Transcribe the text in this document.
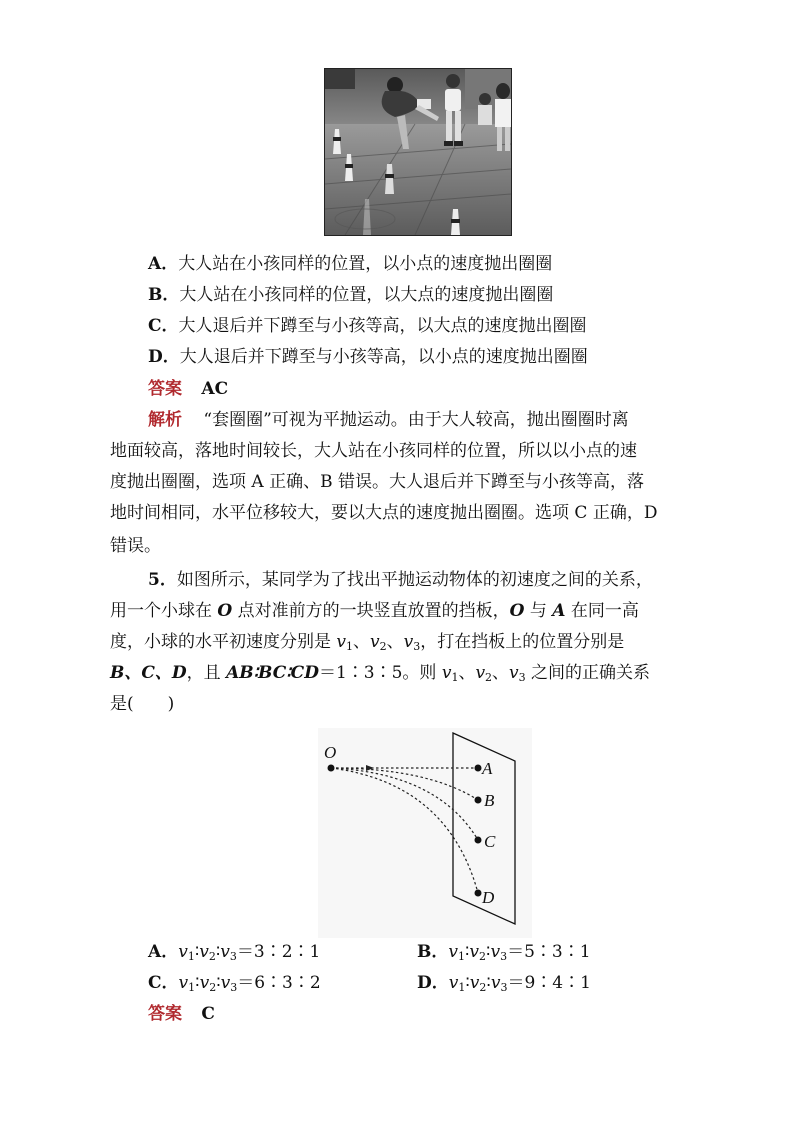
A．大人站在小孩同样的位置，以小点的速度抛出圈圈
B．大人站在小孩同样的位置，以大点的速度抛出圈圈
C．大人退后并下蹲至与小孩等高，以大点的速度抛出圈圈
D．大人退后并下蹲至与小孩等高，以小点的速度抛出圈圈
答案 AC
解析 “套圈圈”可视为平抛运动。由于大人较高，抛出圈圈时离
地面较高，落地时间较长，大人站在小孩同样的位置，所以以小点的速
度抛出圈圈，选项 A 正确、B 错误。大人退后并下蹲至与小孩等高，落
地时间相同，水平位移较大，要以大点的速度抛出圈圈。选项 C 正确，D
错误。
5．如图所示，某同学为了找出平抛运动物体的初速度之间的关系，
用一个小球在 O 点对准前方的一块竖直放置的挡板，O 与 A 在同一高
度，小球的水平初速度分别是 $v_1$、$v_2$、$v_3$，打在挡板上的位置分别是
B、C、D，且 AB∶BC∶CD＝1∶3∶5。则 $v_1$、$v_2$、$v_3$ 之间的正确关系
是(　　)
O
A
B
C
D
A．$v_1∶v_2∶v_3=3∶2∶1$	B．$v_1∶v_2∶v_3=5∶3∶1$
C．$v_1∶v_2∶v_3=6∶3∶2$	D．$v_1∶v_2∶v_3=9∶4∶1$
答案 C
